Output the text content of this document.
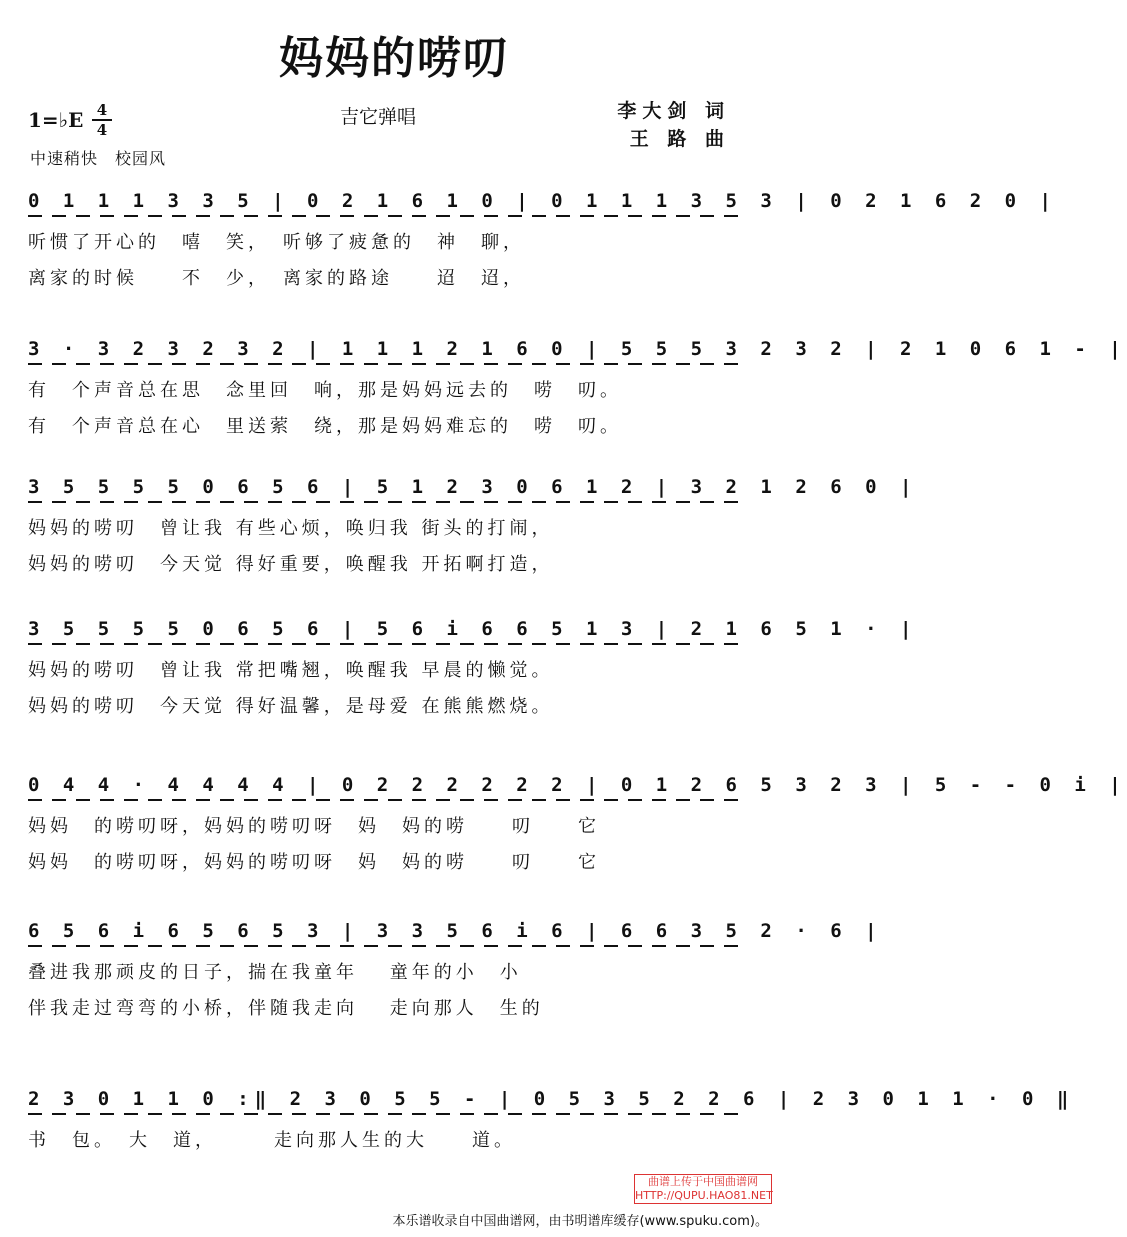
妈妈的唠叨
1=♭E 4
4
吉它弹唱
中速稍快　校园风
李大剑 词
王 路 曲
0 1 1 1 3 3 5 | 0 2 1 6 1 0 | 0 1 1 1 3 5 3 | 0 2 1 6 2 0 |
听惯了开心的　嘻　笑，　听够了疲惫的　神　聊，
离家的时候　　不　少，　离家的路途　　迢　迢，
3 · 3 2 3 2 3 2 | 1 1 1 2 1 6 0 | 5 5 5 3 2 3 2 | 2 1 0 6 1 - |
有　个声音总在思　念里回　响，那是妈妈远去的　唠　叨。
有　个声音总在心　里送萦　绕，那是妈妈难忘的　唠　叨。
3 5 5 5 5 0 6 5 6 | 5 1 2 3 0 6 1 2 | 3 2 1 2 6 0 |
妈妈的唠叨　曾让我 有些心烦，唤归我 街头的打闹，
妈妈的唠叨　今天觉 得好重要，唤醒我 开拓啊打造，
3 5 5 5 5 0 6 5 6 | 5 6 i 6 6 5 1 3 | 2 1 6 5 1 · |
妈妈的唠叨　曾让我 常把嘴翘，唤醒我 早晨的懒觉。
妈妈的唠叨　今天觉 得好温馨，是母爱 在熊熊燃烧。
0 4 4 · 4 4 4 4 | 0 2 2 2 2 2 2 | 0 1 2 6 5 3 2 3 | 5 - - 0 i |
妈妈　的唠叨呀，妈妈的唠叨呀　妈　妈的唠　　叨　　它
妈妈　的唠叨呀，妈妈的唠叨呀　妈　妈的唠　　叨　　它
6 5 6 i 6 5 6 5 3 | 3 3 5 6 i 6 | 6 6 3 5 2 · 6 |
叠进我那顽皮的日子，揣在我童年　 童年的小　小
伴我走过弯弯的小桥，伴随我走向　 走向那人　生的
2 3 0 1 1 0 :‖ 2 3 0 5 5 - | 0 5 3 5 2 2 6 | 2 3 0 1 1 · 0 ‖
书　包。　大　道，　　　走向那人生的大　　道。
曲谱上传于中国曲谱网
HTTP://QUPU.HAO81.NET
本乐谱收录自中国曲谱网，由书明谱库缓存(www.spuku.com)。
